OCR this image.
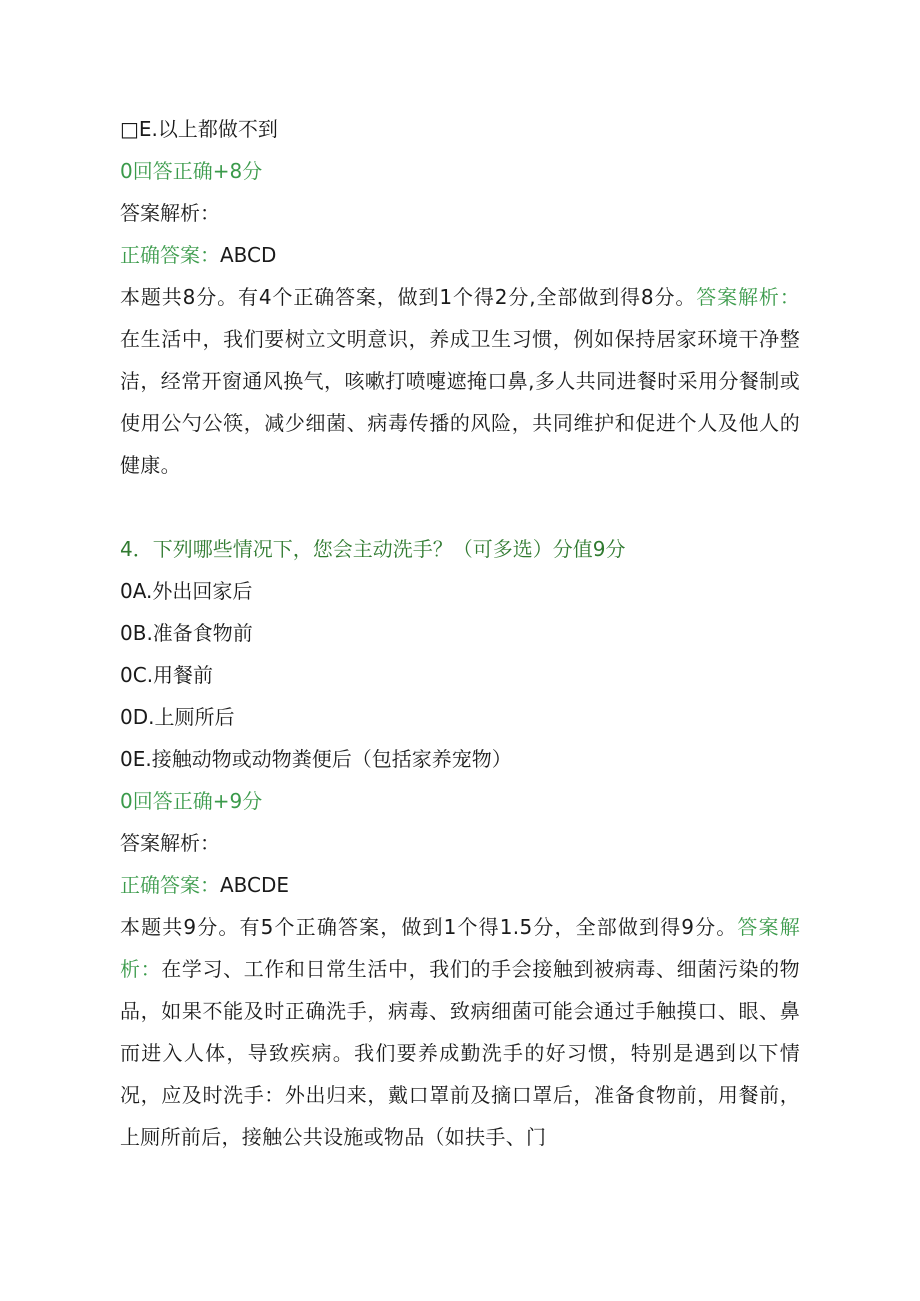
□E.以上都做不到
0回答正确+8分
答案解析：
正确答案：ABCD
本题共8分。有4个正确答案，做到1个得2分,全部做到得8分。答案解析：在生活中，我们要树立文明意识，养成卫生习惯，例如保持居家环境干净整洁，经常开窗通风换气，咳嗽打喷嚏遮掩口鼻,多人共同进餐时采用分餐制或使用公勺公筷，减少细菌、病毒传播的风险，共同维护和促进个人及他人的健康。
4．下列哪些情况下，您会主动洗手？（可多选）分值9分
0A.外出回家后
0B.准备食物前
0C.用餐前
0D.上厕所后
0E.接触动物或动物粪便后（包括家养宠物）
0回答正确+9分
答案解析：
正确答案：ABCDE
本题共9分。有5个正确答案，做到1个得1.5分，全部做到得9分。答案解析：在学习、工作和日常生活中，我们的手会接触到被病毒、细菌污染的物品，如果不能及时正确洗手，病毒、致病细菌可能会通过手触摸口、眼、鼻而进入人体，导致疾病。我们要养成勤洗手的好习惯，特别是遇到以下情况，应及时洗手：外出归来，戴口罩前及摘口罩后，准备食物前，用餐前，上厕所前后，接触公共设施或物品（如扶手、门
